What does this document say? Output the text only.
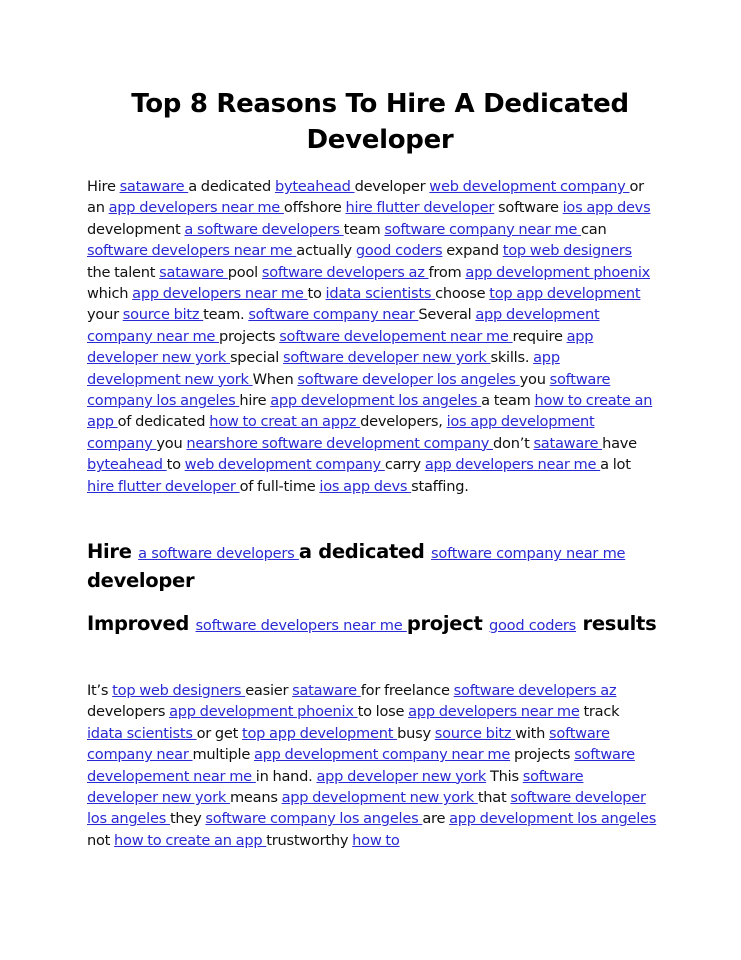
Top 8 Reasons To Hire A Dedicated Developer

Hire sataware a dedicated byteahead developer web development company or an app developers near me offshore hire flutter developer software ios app devs development a software developers team software company near me can software developers near me actually good coders expand top web designers the talent sataware pool software developers az from app development phoenix which app developers near me to idata scientists choose top app development your source bitz team. software company near Several app development company near me projects software developement near me require app developer new york special software developer new york skills. app development new york When software developer los angeles you software company los angeles hire app development los angeles a team how to create an app of dedicated how to creat an appz developers, ios app development company you nearshore software development company don’t sataware have byteahead to web development company carry app developers near me a lot hire flutter developer of full-time ios app devs staffing.

Hire a software developers a dedicated software company near me developer
Improved software developers near me project good coders results

It’s top web designers easier sataware for freelance software developers az developers app development phoenix to lose app developers near me track idata scientists or get top app development busy source bitz with software company near multiple app development company near me projects software developement near me in hand. app developer new york This software developer new york means app development new york that software developer los angeles they software company los angeles are app development los angeles not how to create an app trustworthy how to
